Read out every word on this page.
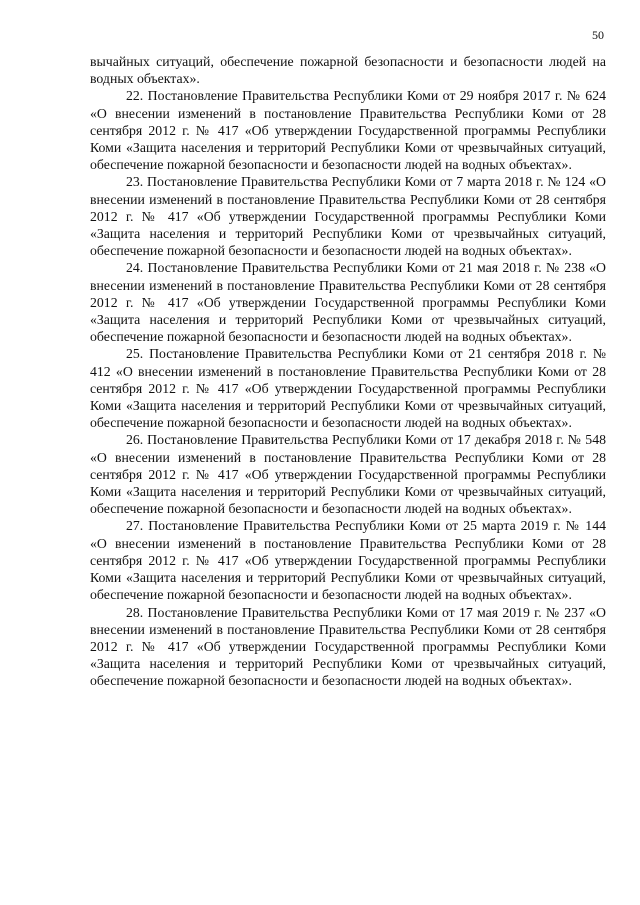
50

вычайных ситуаций, обеспечение пожарной безопасности и безопасности людей на водных объектах».

22. Постановление Правительства Республики Коми от 29 ноября 2017 г. № 624 «О внесении изменений в постановление Правительства Республики Коми от 28 сентября 2012 г. № 417 «Об утверждении Государственной программы Республики Коми «Защита населения и территорий Республики Коми от чрезвычайных ситуаций, обеспечение пожарной безопасности и безопасности людей на водных объектах».

23. Постановление Правительства Республики Коми от 7 марта 2018 г. № 124 «О внесении изменений в постановление Правительства Республики Коми от 28 сентября 2012 г. № 417 «Об утверждении Государственной программы Республики Коми «Защита населения и территорий Республики Коми от чрезвычайных ситуаций, обеспечение пожарной безопасности и безопасности людей на водных объектах».

24. Постановление Правительства Республики Коми от 21 мая 2018 г. № 238 «О внесении изменений в постановление Правительства Республики Коми от 28 сентября 2012 г. № 417 «Об утверждении Государственной программы Республики Коми «Защита населения и территорий Республики Коми от чрезвычайных ситуаций, обеспечение пожарной безопасности и безопасности людей на водных объектах».

25. Постановление Правительства Республики Коми от 21 сентября 2018 г. № 412 «О внесении изменений в постановление Правительства Республики Коми от 28 сентября 2012 г. № 417 «Об утверждении Государственной программы Республики Коми «Защита населения и территорий Республики Коми от чрезвычайных ситуаций, обеспечение пожарной безопасности и безопасности людей на водных объектах».

26. Постановление Правительства Республики Коми от 17 декабря 2018 г. № 548 «О внесении изменений в постановление Правительства Республики Коми от 28 сентября 2012 г. № 417 «Об утверждении Государственной программы Республики Коми «Защита населения и территорий Республики Коми от чрезвычайных ситуаций, обеспечение пожарной безопасности и безопасности людей на водных объектах».

27. Постановление Правительства Республики Коми от 25 марта 2019 г. № 144 «О внесении изменений в постановление Правительства Республики Коми от 28 сентября 2012 г. № 417 «Об утверждении Государственной программы Республики Коми «Защита населения и территорий Республики Коми от чрезвычайных ситуаций, обеспечение пожарной безопасности и безопасности людей на водных объектах».

28. Постановление Правительства Республики Коми от 17 мая 2019 г. № 237 «О внесении изменений в постановление Правительства Республики Коми от 28 сентября 2012 г. № 417 «Об утверждении Государственной программы Республики Коми «Защита населения и территорий Республики Коми от чрезвычайных ситуаций, обеспечение пожарной безопасности и безопасности людей на водных объектах».
